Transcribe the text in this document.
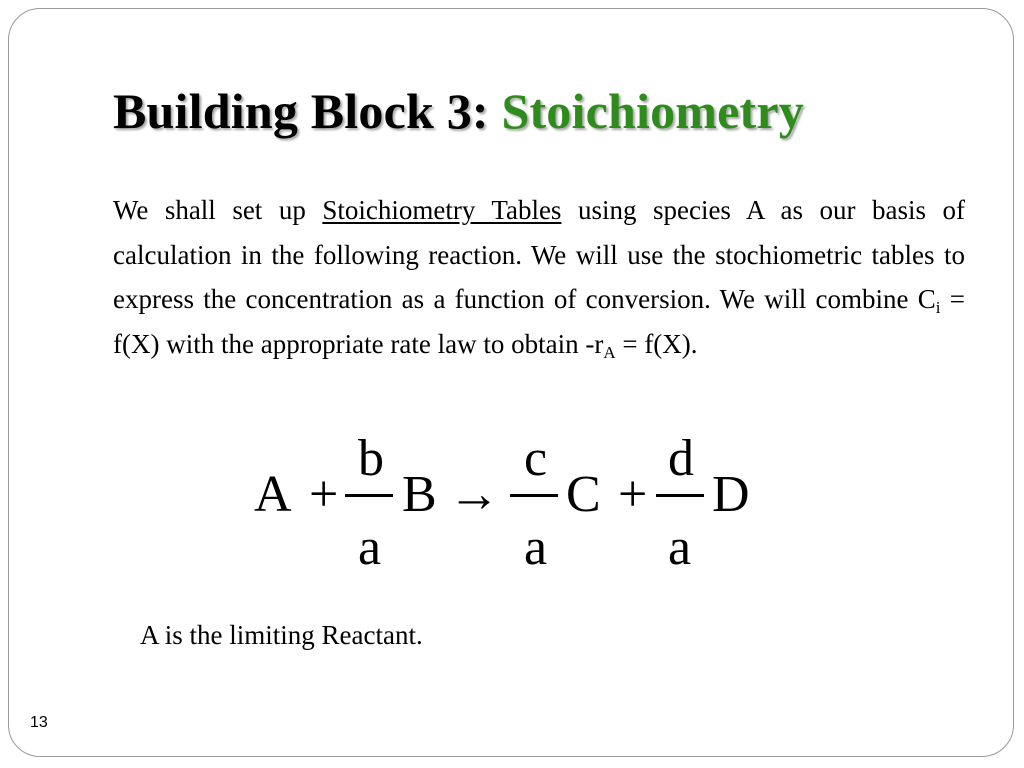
Building Block 3: Stoichiometry
We shall set up Stoichiometry Tables using species A as our basis of calculation in the following reaction. We will use the stochiometric tables to express the concentration as a function of conversion. We will combine $C_i = f(X)$ with the appropriate rate law to obtain $-r_A = f(X)$.
A +
b
a
B →
c
a
C +
d
a
D
A is the limiting Reactant.
13
